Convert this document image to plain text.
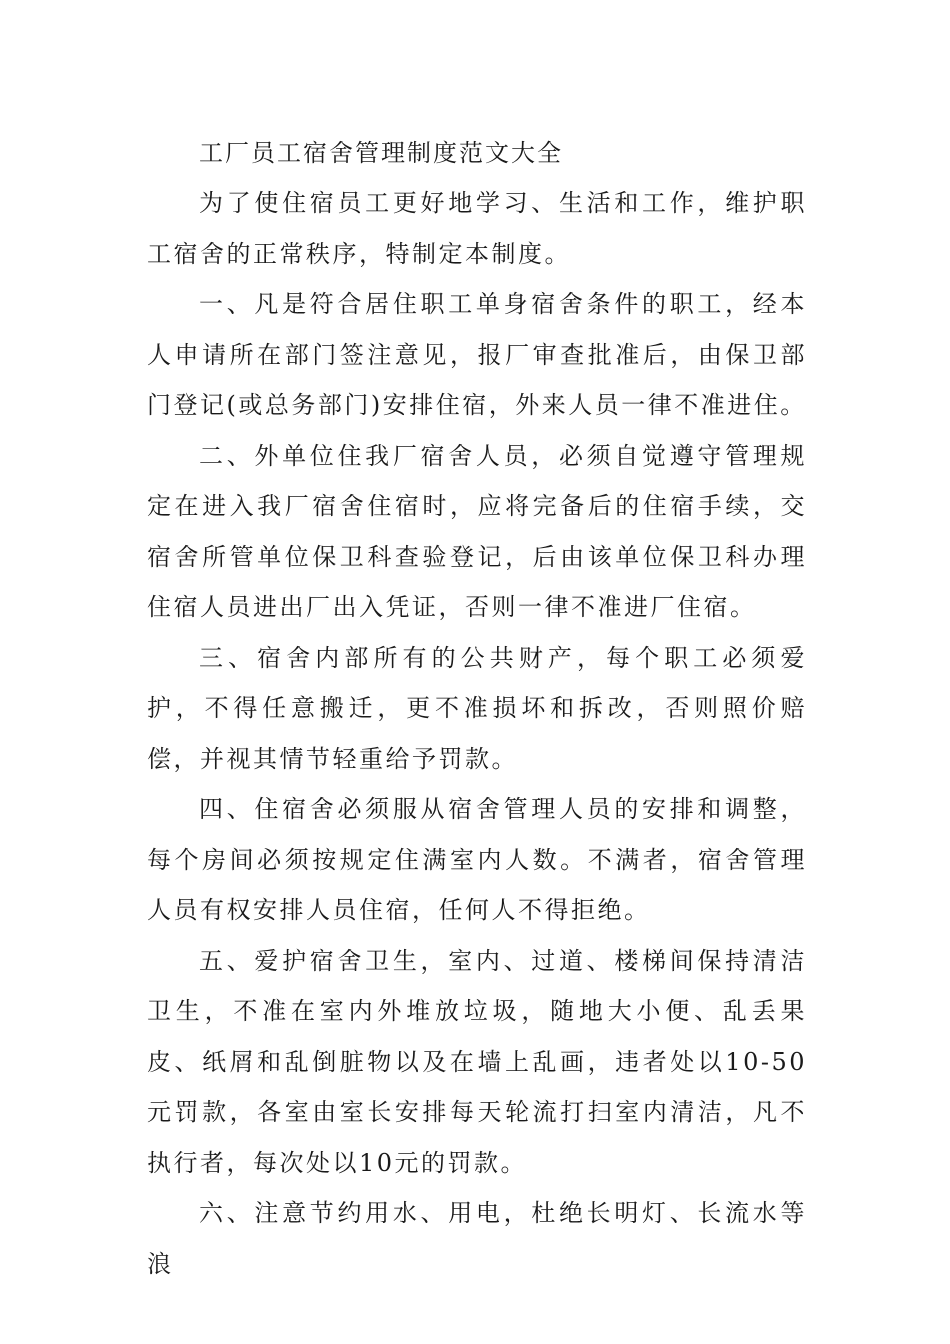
工厂员工宿舍管理制度范文大全

为了使住宿员工更好地学习、生活和工作，维护职工宿舍的正常秩序，特制定本制度。

一、凡是符合居住职工单身宿舍条件的职工，经本人申请所在部门签注意见，报厂审查批准后，由保卫部门登记(或总务部门)安排住宿，外来人员一律不准进住。

二、外单位住我厂宿舍人员，必须自觉遵守管理规定在进入我厂宿舍住宿时，应将完备后的住宿手续，交宿舍所管单位保卫科查验登记，后由该单位保卫科办理住宿人员进出厂出入凭证，否则一律不准进厂住宿。

三、宿舍内部所有的公共财产，每个职工必须爱护，不得任意搬迁，更不准损坏和拆改，否则照价赔偿，并视其情节轻重给予罚款。

四、住宿舍必须服从宿舍管理人员的安排和调整，每个房间必须按规定住满室内人数。不满者，宿舍管理人员有权安排人员住宿，任何人不得拒绝。

五、爱护宿舍卫生，室内、过道、楼梯间保持清洁卫生，不准在室内外堆放垃圾，随地大小便、乱丢果皮、纸屑和乱倒脏物以及在墙上乱画，违者处以10-50元罚款，各室由室长安排每天轮流打扫室内清洁，凡不执行者，每次处以10元的罚款。

六、注意节约用水、用电，杜绝长明灯、长流水等浪
